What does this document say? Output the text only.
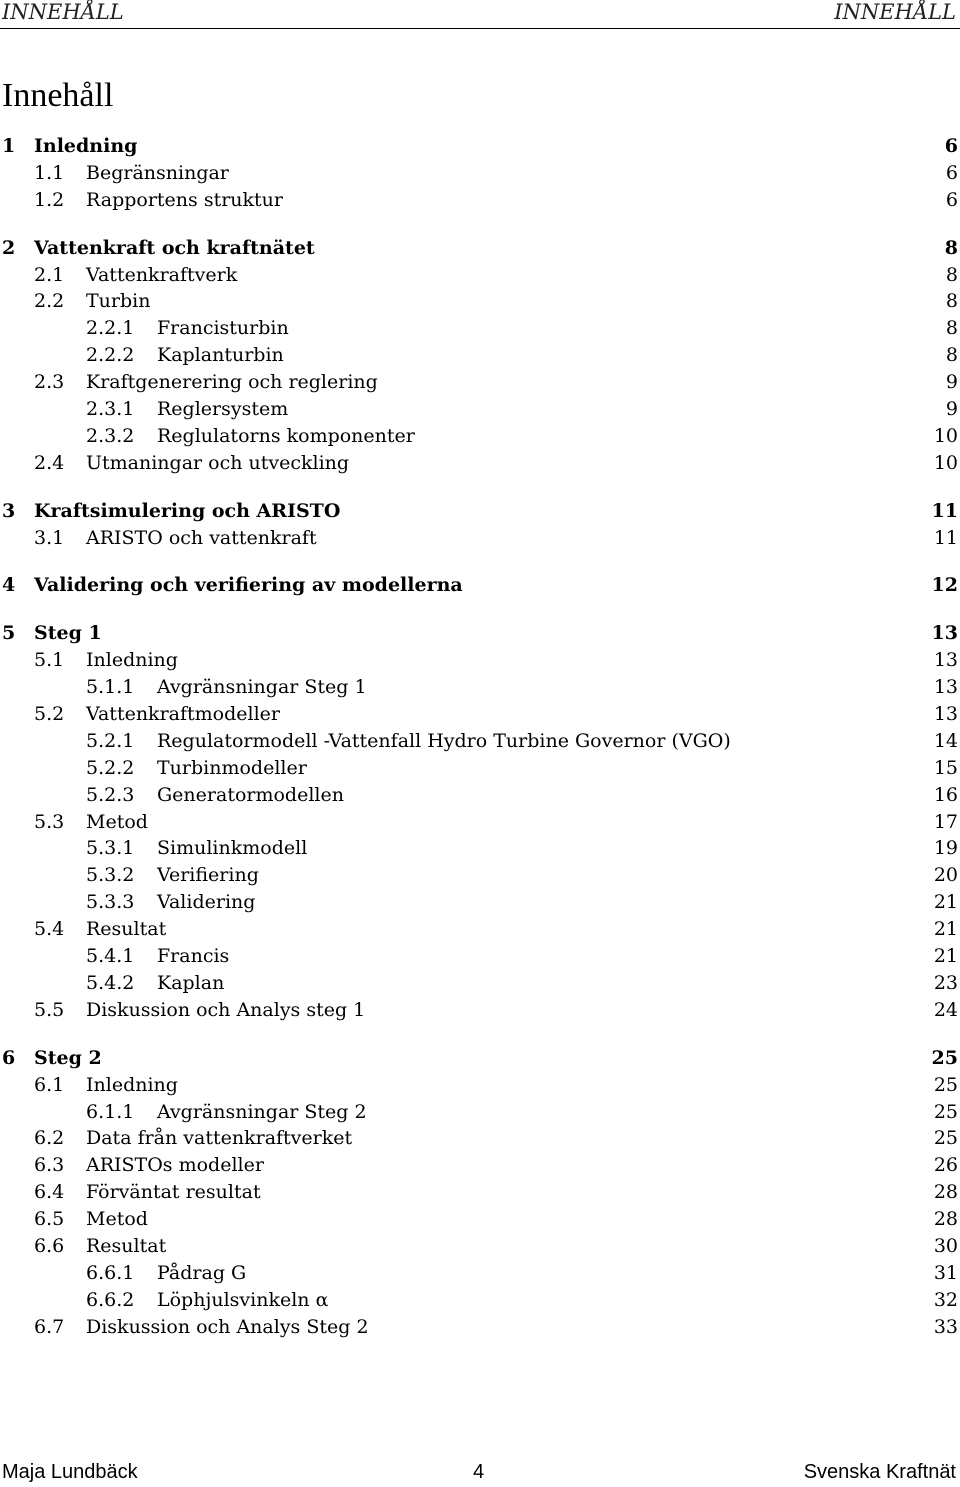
INNEHÅLL	INNEHÅLL
Innehåll
1 Inledning	6
1.1 Begränsningar	6
1.2 Rapportens struktur	6
2 Vattenkraft och kraftnätet	8
2.1 Vattenkraftverk	8
2.2 Turbin	8
2.2.1 Francisturbin	8
2.2.2 Kaplanturbin	8
2.3 Kraftgenerering och reglering	9
2.3.1 Reglersystem	9
2.3.2 Reglulatorns komponenter	10
2.4 Utmaningar och utveckling	10
3 Kraftsimulering och ARISTO	11
3.1 ARISTO och vattenkraft	11
4 Validering och verifiering av modellerna	12
5 Steg 1	13
5.1 Inledning	13
5.1.1 Avgränsningar Steg 1	13
5.2 Vattenkraftmodeller	13
5.2.1 Regulatormodell -Vattenfall Hydro Turbine Governor (VGO)	14
5.2.2 Turbinmodeller	15
5.2.3 Generatormodellen	16
5.3 Metod	17
5.3.1 Simulinkmodell	19
5.3.2 Verifiering	20
5.3.3 Validering	21
5.4 Resultat	21
5.4.1 Francis	21
5.4.2 Kaplan	23
5.5 Diskussion och Analys steg 1	24
6 Steg 2	25
6.1 Inledning	25
6.1.1 Avgränsningar Steg 2	25
6.2 Data från vattenkraftverket	25
6.3 ARISTOs modeller	26
6.4 Förväntat resultat	28
6.5 Metod	28
6.6 Resultat	30
6.6.1 Pådrag G	31
6.6.2 Löphjulsvinkeln α	32
6.7 Diskussion och Analys Steg 2	33
Maja Lundbäck	4	Svenska Kraftnät
